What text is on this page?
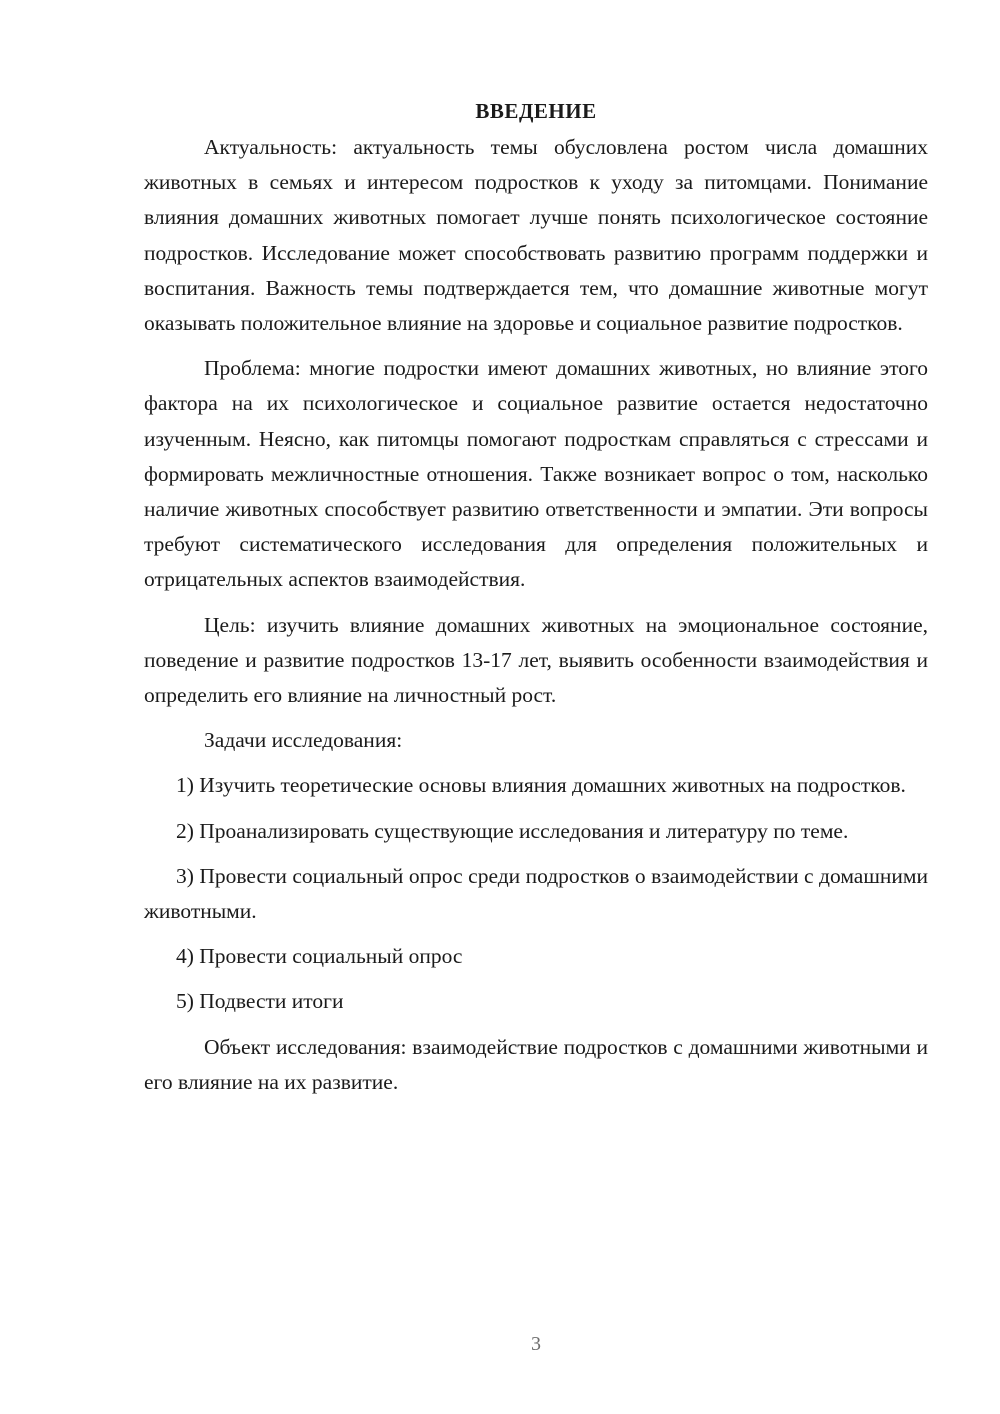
ВВЕДЕНИЕ

Актуальность: актуальность темы обусловлена ростом числа домашних животных в семьях и интересом подростков к уходу за питомцами. Понимание влияния домашних животных помогает лучше понять психологическое состояние подростков. Исследование может способствовать развитию программ поддержки и воспитания. Важность темы подтверждается тем, что домашние животные могут оказывать положительное влияние на здоровье и социальное развитие подростков.

Проблема: многие подростки имеют домашних животных, но влияние этого фактора на их психологическое и социальное развитие остается недостаточно изученным. Неясно, как питомцы помогают подросткам справляться с стрессами и формировать межличностные отношения. Также возникает вопрос о том, насколько наличие животных способствует развитию ответственности и эмпатии. Эти вопросы требуют систематического исследования для определения положительных и отрицательных аспектов взаимодействия.

Цель: изучить влияние домашних животных на эмоциональное состояние, поведение и развитие подростков 13-17 лет, выявить особенности взаимодействия и определить его влияние на личностный рост.

Задачи исследования:

1) Изучить теоретические основы влияния домашних животных на подростков.

2) Проанализировать существующие исследования и литературу по теме.

3) Провести социальный опрос среди подростков о взаимодействии с домашними животными.

4) Провести социальный опрос

5) Подвести итоги

Объект исследования: взаимодействие подростков с домашними животными и его влияние на их развитие.

3
